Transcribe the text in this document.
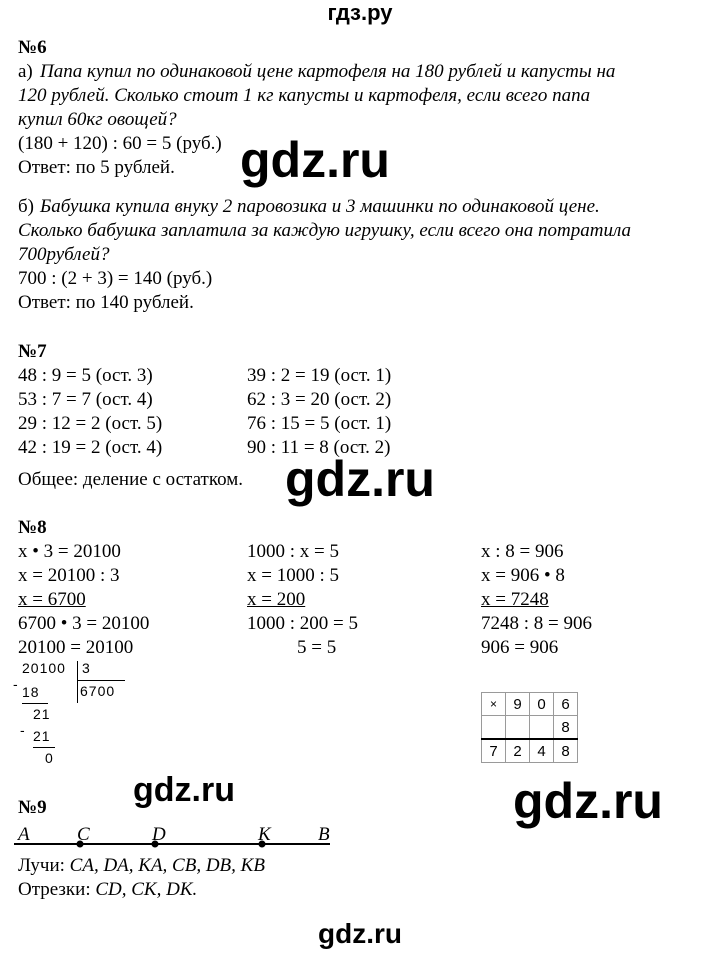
гдз.ру
№6
а) Папа купил по одинаковой цене картофеля на 180 рублей и капусты на
120 рублей. Сколько стоит 1 кг капусты и картофеля, если всего папа
купил 60кг овощей?
(180 + 120) : 60 = 5 (руб.)
Ответ: по 5 рублей.
б) Бабушка купила внуку 2 паровозика и 3 машинки по одинаковой цене.
Сколько бабушка заплатила за каждую игрушку, если всего она потратила
700рублей?
700 : (2 + 3) = 140 (руб.)
Ответ: по 140 рублей.
№7
48 : 9 = 5 (ост. 3)
53 : 7 = 7 (ост. 4)
29 : 12 = 2 (ост. 5)
42 : 19 = 2 (ост. 4)
39 : 2 = 19 (ост. 1)
62 : 3 = 20 (ост. 2)
76 : 15 = 5 (ост. 1)
90 : 11 = 8 (ост. 2)
Общее: деление с остатком.
№8
x • 3 = 20100
x = 20100 : 3
x = 6700
6700 • 3 = 20100
20100 = 20100
1000 : x = 5
x = 1000 : 5
x = 200
1000 : 200 = 5
5 = 5
x : 8 = 906
x = 906 • 8
x = 7248
7248 : 8 = 906
906 = 906
20100 3
6700
- 18
21
- 21
0
×	9	0	6
			8
7	2	4	8
№9
A C	D	K B
Лучи: CA, DA, KA, CB, DB, KB
Отрезки: CD, CK, DK.
gdz.ru
gdz.ru
gdz.ru	gdz.ru
gdz.ru
